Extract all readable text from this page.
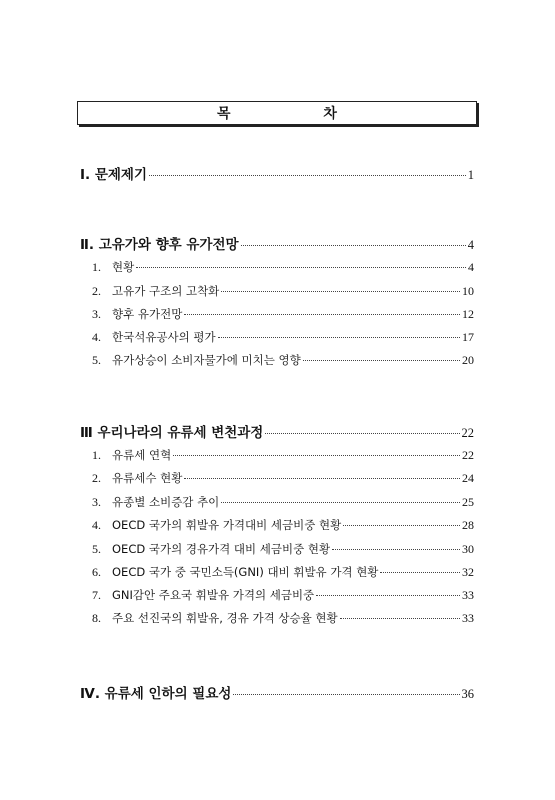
목 차
Ⅰ. 문제제기	1
Ⅱ. 고유가와 향후 유가전망	4
1. 현황	4
2. 고유가 구조의 고착화	10
3. 향후 유가전망	12
4. 한국석유공사의 평가	17
5. 유가상승이 소비자물가에 미치는 영향	20
Ⅲ 우리나라의 유류세 변천과정	22
1. 유류세 연혁	22
2. 유류세수 현황	24
3. 유종별 소비증감 추이	25
4. OECD 국가의 휘발유 가격대비 세금비중 현황	28
5. OECD 국가의 경유가격 대비 세금비중 현황	30
6. OECD 국가 중 국민소득(GNI) 대비 휘발유 가격 현황	32
7. GNI감안 주요국 휘발유 가격의 세금비중	33
8. 주요 선진국의 휘발유, 경유 가격 상승율 현황	33
Ⅳ. 유류세 인하의 필요성	36
